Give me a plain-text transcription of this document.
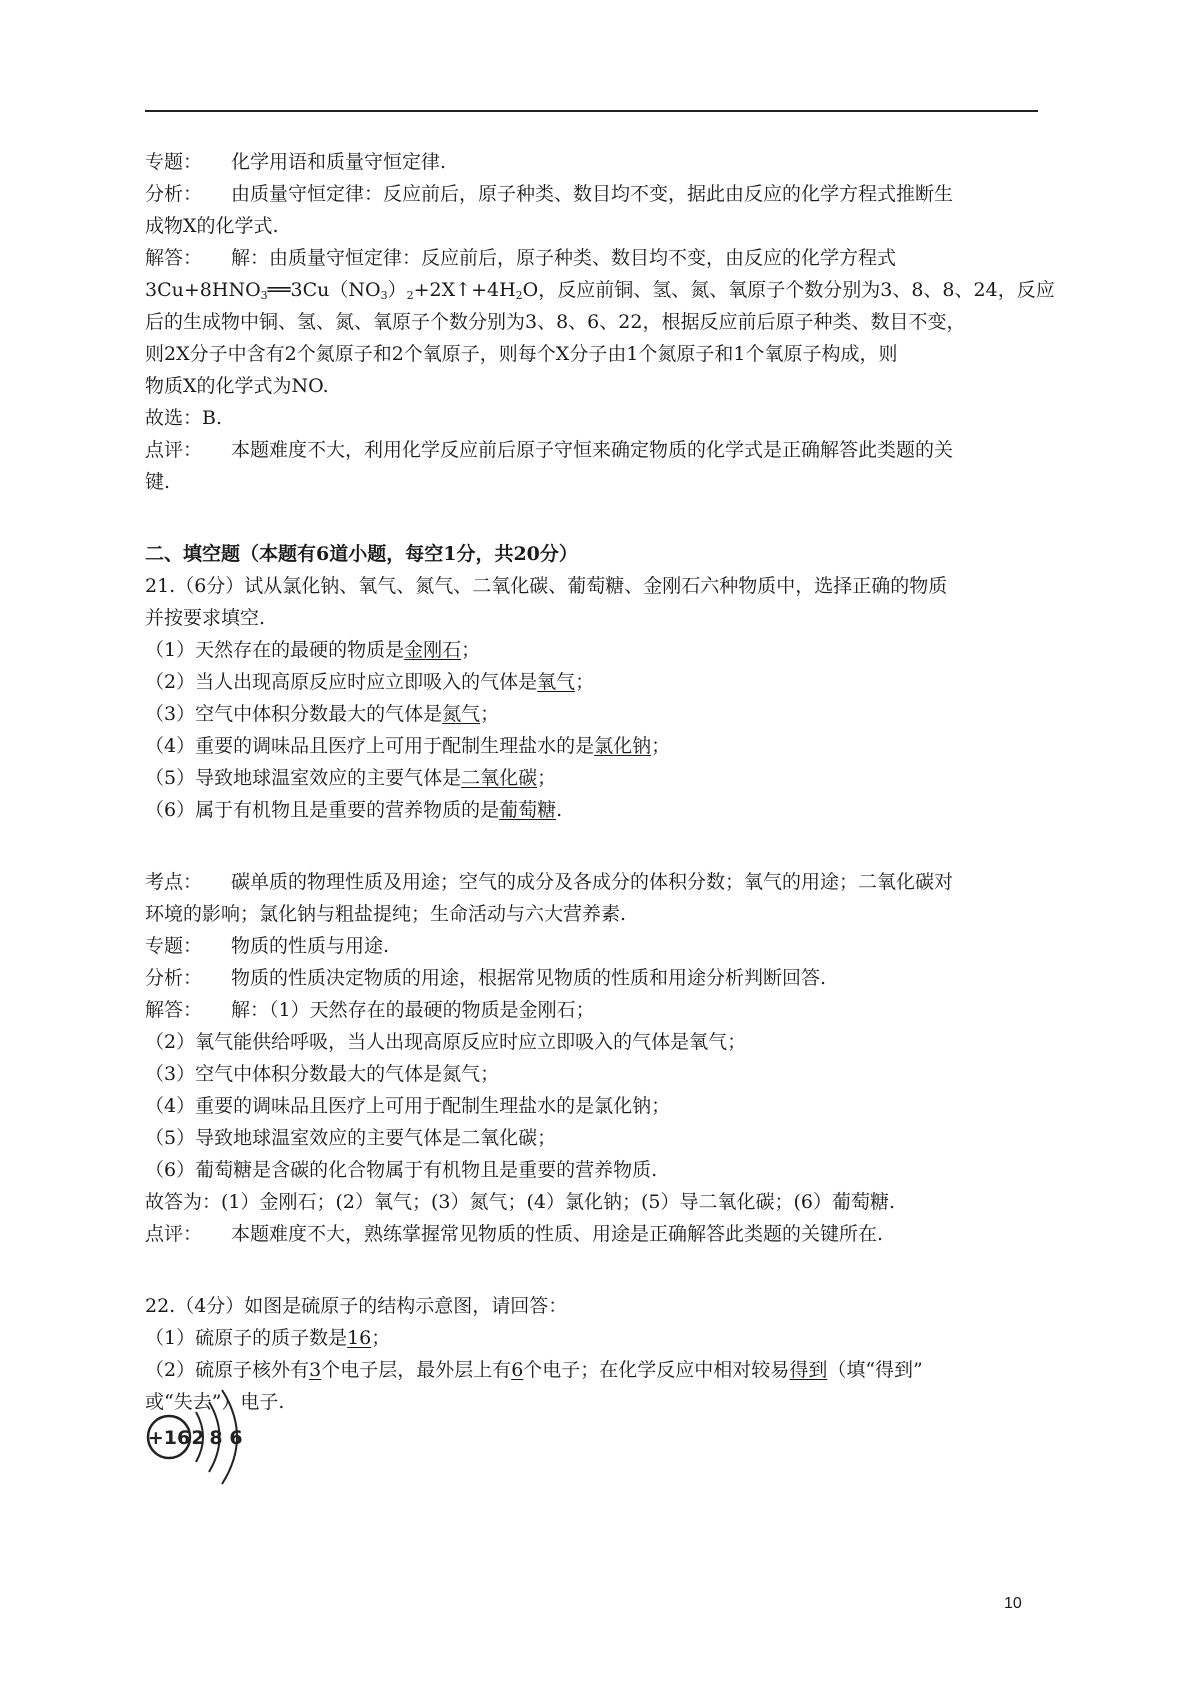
专题： 化学用语和质量守恒定律.
分析： 由质量守恒定律：反应前后，原子种类、数目均不变，据此由反应的化学方程式推断生
成物X的化学式.
解答： 解：由质量守恒定律：反应前后，原子种类、数目均不变，由反应的化学方程式
$3Cu+8HNO_3══3Cu(NO_3)_2+2X↑+4H_2O$，反应前铜、氢、氮、氧原子个数分别为3、8、8、24，反应
后的生成物中铜、氢、氮、氧原子个数分别为3、8、6、22，根据反应前后原子种类、数目不变，
则2X分子中含有2个氮原子和2个氧原子，则每个X分子由1个氮原子和1个氧原子构成，则
物质X的化学式为NO.
故选：B.
点评： 本题难度不大，利用化学反应前后原子守恒来确定物质的化学式是正确解答此类题的关
键.
二、填空题（本题有6道小题，每空1分，共20分）
21.（6分）试从氯化钠、氧气、氮气、二氧化碳、葡萄糖、金刚石六种物质中，选择正确的物质
并按要求填空.
（1）天然存在的最硬的物质是金刚石；
（2）当人出现高原反应时应立即吸入的气体是氧气；
（3）空气中体积分数最大的气体是氮气；
（4）重要的调味品且医疗上可用于配制生理盐水的是氯化钠；
（5）导致地球温室效应的主要气体是二氧化碳；
（6）属于有机物且是重要的营养物质的是葡萄糖.
考点： 碳单质的物理性质及用途；空气的成分及各成分的体积分数；氧气的用途；二氧化碳对
环境的影响；氯化钠与粗盐提纯；生命活动与六大营养素.
专题： 物质的性质与用途.
分析： 物质的性质决定物质的用途，根据常见物质的性质和用途分析判断回答.
解答： 解：（1）天然存在的最硬的物质是金刚石；
（2）氧气能供给呼吸，当人出现高原反应时应立即吸入的气体是氧气；
（3）空气中体积分数最大的气体是氮气；
（4）重要的调味品且医疗上可用于配制生理盐水的是氯化钠；
（5）导致地球温室效应的主要气体是二氧化碳；
（6）葡萄糖是含碳的化合物属于有机物且是重要的营养物质.
故答为：(1）金刚石；(2）氧气；(3）氮气；(4）氯化钠；(5）导二氧化碳；(6）葡萄糖.
点评： 本题难度不大，熟练掌握常见物质的性质、用途是正确解答此类题的关键所在.
22.（4分）如图是硫原子的结构示意图，请回答：
（1）硫原子的质子数是16；
（2）硫原子核外有3个电子层，最外层上有6个电子；在化学反应中相对较易得到（填“得到”
或“失去”）电子.
+16 2 8 6
10
